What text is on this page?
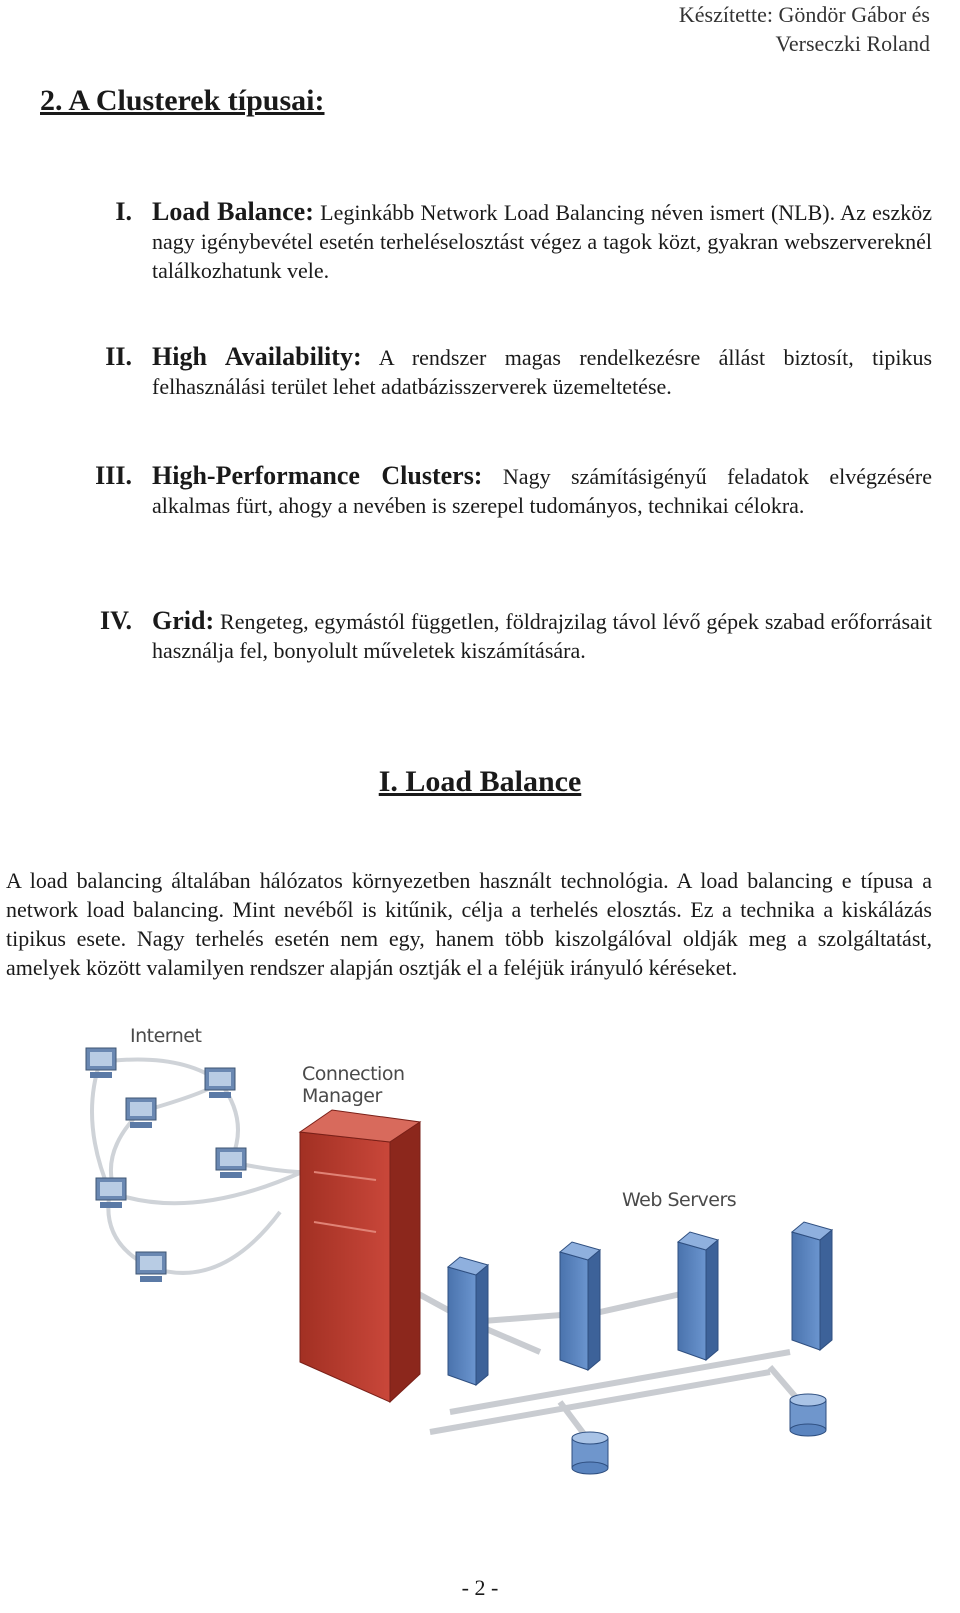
Készítette: Göndör Gábor és
Verseczki Roland
2. A Clusterek típusai:
I. Load Balance: Leginkább Network Load Balancing néven ismert (NLB). Az eszköz nagy igénybevétel esetén terheléselosztást végez a tagok közt, gyakran webszervereknél találkozhatunk vele.
II. High Availability: A rendszer magas rendelkezésre állást biztosít, tipikus felhasználási terület lehet adatbázisszerverek üzemeltetése.
III. High-Performance Clusters: Nagy számításigényű feladatok elvégzésére alkalmas fürt, ahogy a nevében is szerepel tudományos, technikai célokra.
IV. Grid: Rengeteg, egymástól független, földrajzilag távol lévő gépek szabad erőforrásait használja fel, bonyolult műveletek kiszámítására.
I. Load Balance

A load balancing általában hálózatos környezetben használt technológia. A load balancing e típusa a network load balancing. Mint nevéből is kitűnik, célja a terhelés elosztás. Ez a technika a kiskálázás tipikus esete. Nagy terhelés esetén nem egy, hanem több kiszolgálóval oldják meg a szolgáltatást, amelyek között valamilyen rendszer alapján osztják el a feléjük irányuló kéréseket.

Internet
Connection
Manager
Web Servers

- 2 -
